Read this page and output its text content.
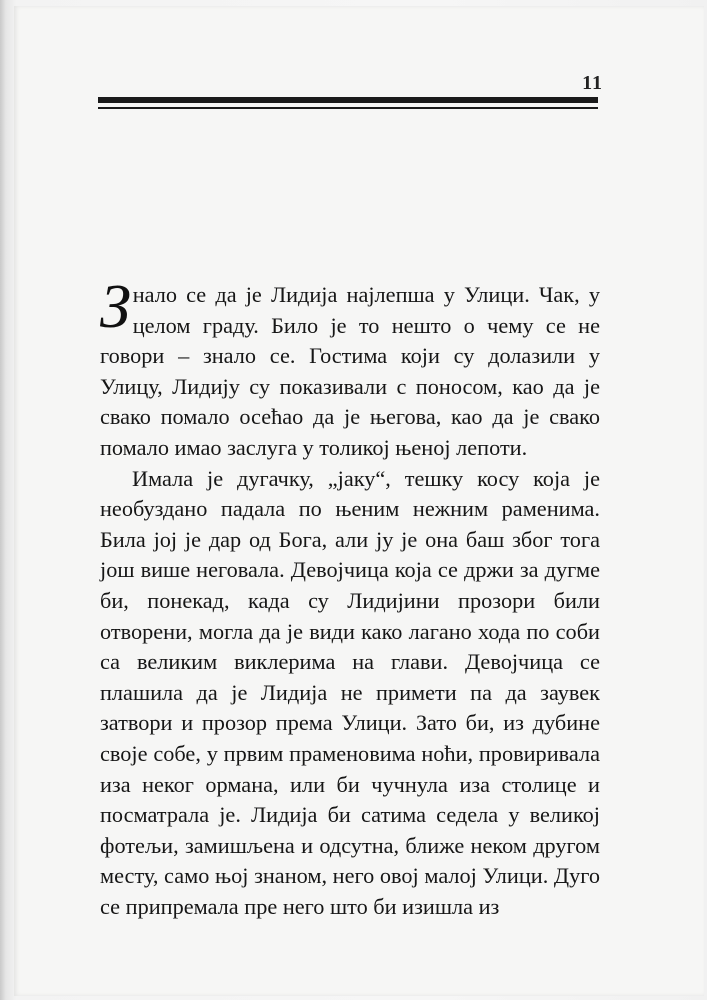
11

Знало се да је Лидија најлепша у Улици. Чак, у целом граду. Било је то нешто о чему се не говори – знало се. Гостима који су долазили у Улицу, Лидију су показивали с поносом, као да је свако помало осећао да је његова, као да је свако помало имао заслуга у толикој њеној лепоти.

Имала је дугачку, „јаку“, тешку косу која је необуздано падала по њеним нежним раменима. Била јој је дар од Бога, али ју је она баш због тога још више неговала. Девојчица која се држи за дугме би, понекад, када су Лидијини прозори били отворени, могла да је види како лагано хода по соби са великим виклерима на глави. Девојчица се плашила да је Лидија не примети па да заувек затвори и прозор према Улици. Зато би, из дубине своје собе, у првим праменовима ноћи, провиривала иза неког ормана, или би чучнула иза столице и посматрала је. Лидија би сатима седела у великој фотељи, замишљена и одсутна, ближе неком другом месту, само њој знаном, него овој малој Улици. Дуго се припремала пре него што би изишла из
